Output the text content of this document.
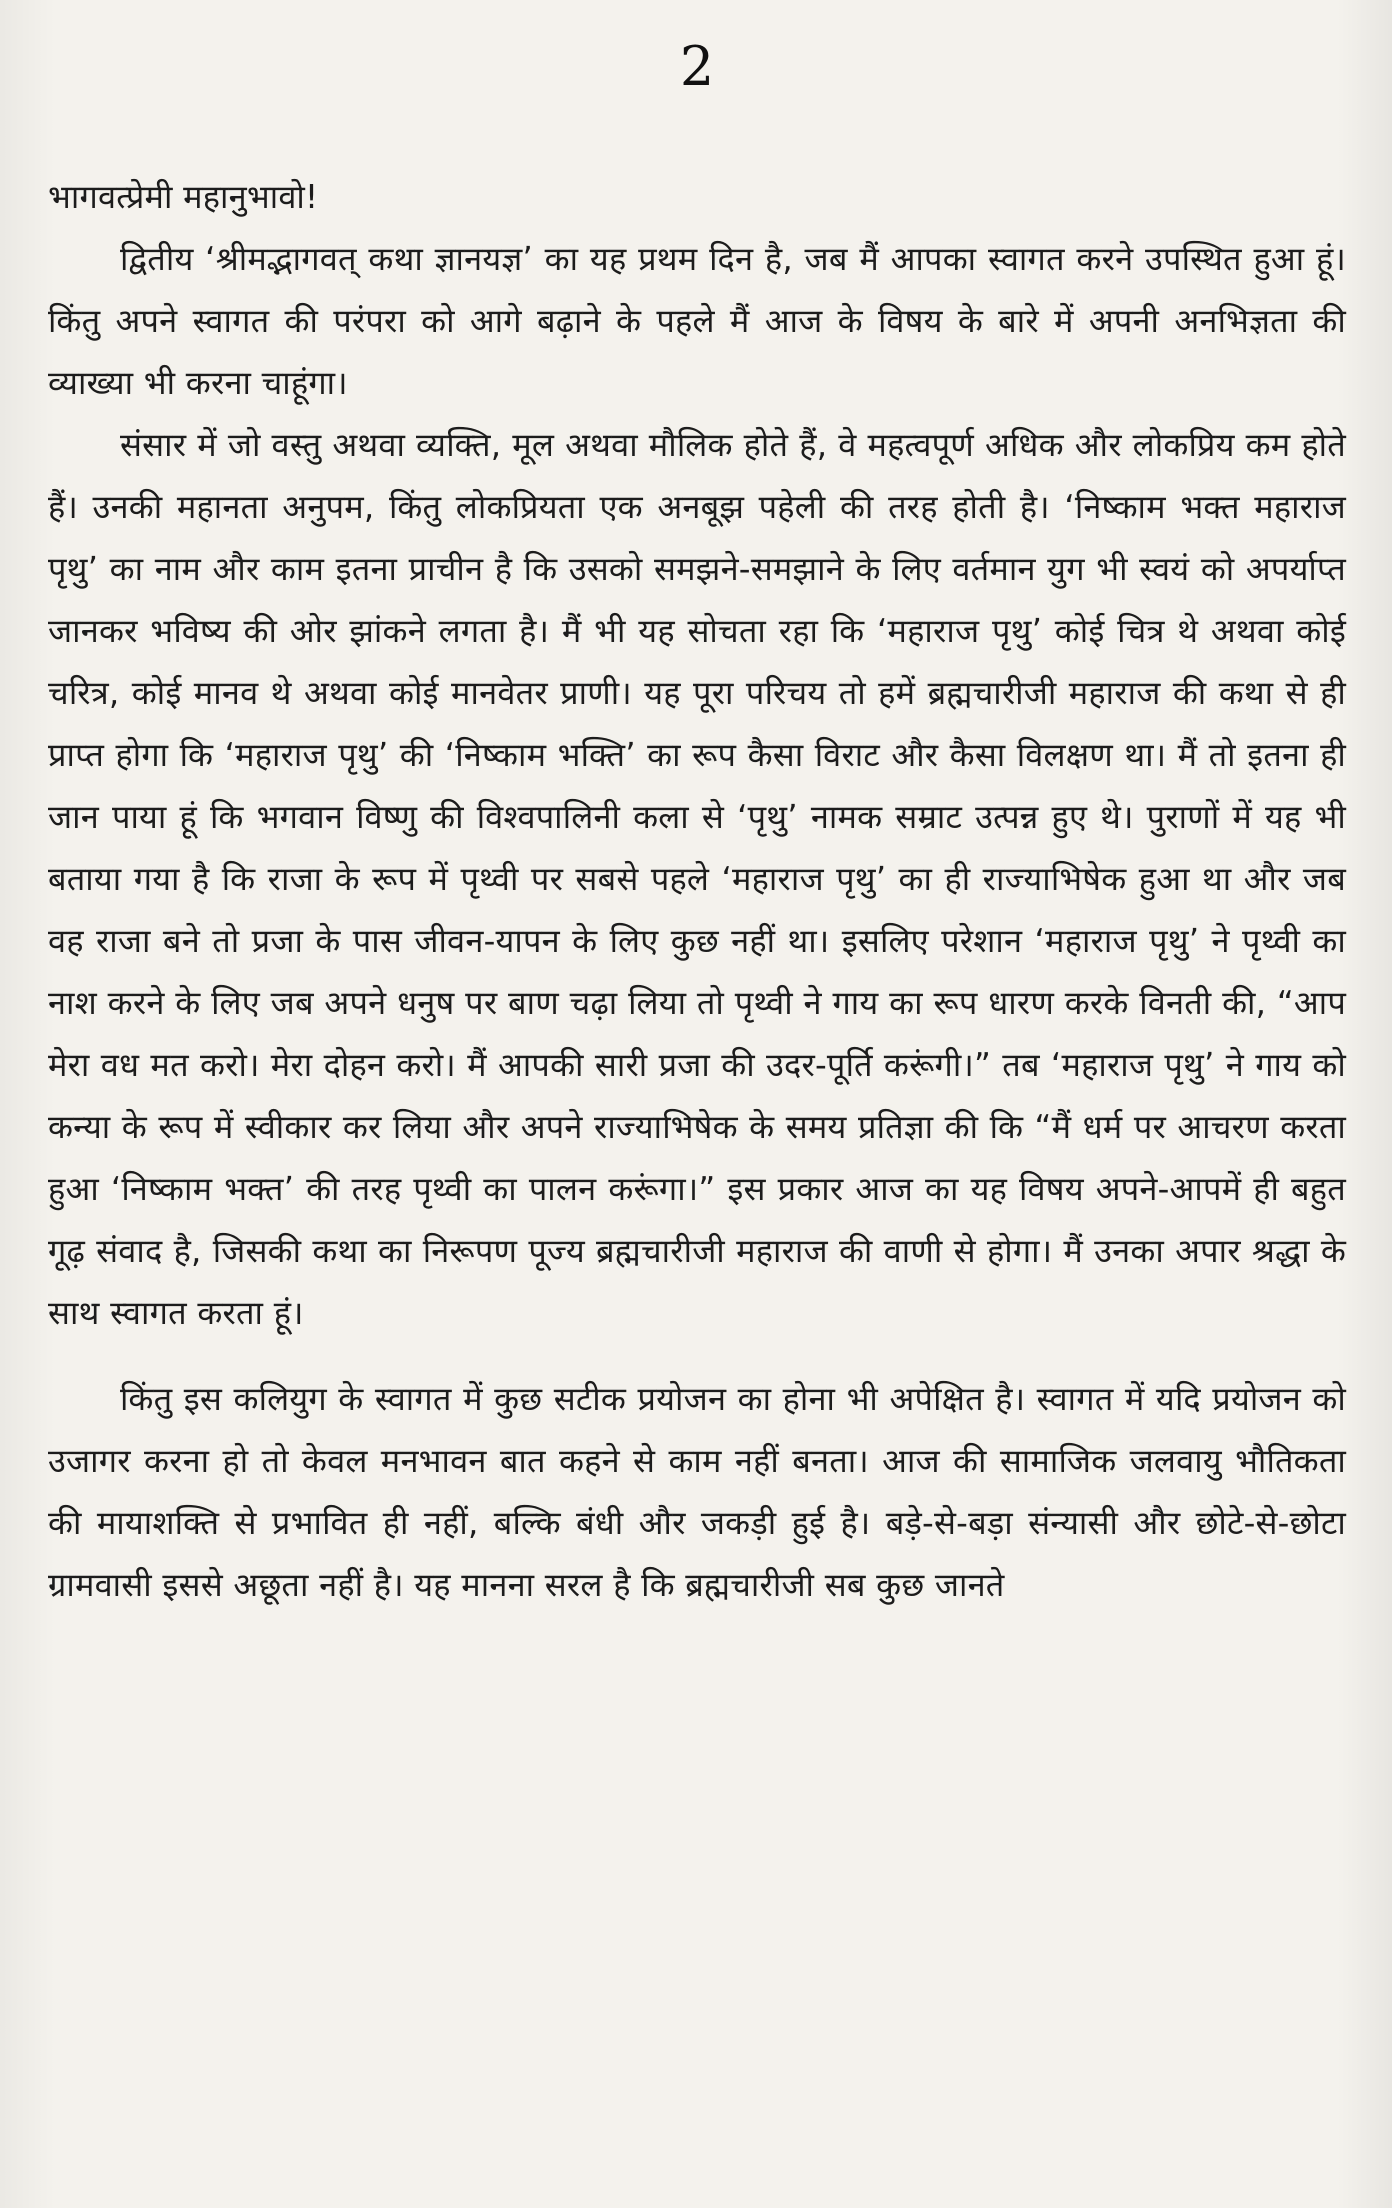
2

भागवत्प्रेमी महानुभावो!

द्वितीय ‘श्रीमद्भागवत् कथा ज्ञानयज्ञ’ का यह प्रथम दिन है, जब मैं आपका स्वागत करने उपस्थित हुआ हूं। किंतु अपने स्वागत की परंपरा को आगे बढ़ाने के पहले मैं आज के विषय के बारे में अपनी अनभिज्ञता की व्याख्या भी करना चाहूंगा।

संसार में जो वस्तु अथवा व्यक्ति, मूल अथवा मौलिक होते हैं, वे महत्वपूर्ण अधिक और लोकप्रिय कम होते हैं। उनकी महानता अनुपम, किंतु लोकप्रियता एक अनबूझ पहेली की तरह होती है। ‘निष्काम भक्त महाराज पृथु’ का नाम और काम इतना प्राचीन है कि उसको समझने-समझाने के लिए वर्तमान युग भी स्वयं को अपर्याप्त जानकर भविष्य की ओर झांकने लगता है। मैं भी यह सोचता रहा कि ‘महाराज पृथु’ कोई चित्र थे अथवा कोई चरित्र, कोई मानव थे अथवा कोई मानवेतर प्राणी। यह पूरा परिचय तो हमें ब्रह्मचारीजी महाराज की कथा से ही प्राप्त होगा कि ‘महाराज पृथु’ की ‘निष्काम भक्ति’ का रूप कैसा विराट और कैसा विलक्षण था। मैं तो इतना ही जान पाया हूं कि भगवान विष्णु की विश्वपालिनी कला से ‘पृथु’ नामक सम्राट उत्पन्न हुए थे। पुराणों में यह भी बताया गया है कि राजा के रूप में पृथ्वी पर सबसे पहले ‘महाराज पृथु’ का ही राज्याभिषेक हुआ था और जब वह राजा बने तो प्रजा के पास जीवन-यापन के लिए कुछ नहीं था। इसलिए परेशान ‘महाराज पृथु’ ने पृथ्वी का नाश करने के लिए जब अपने धनुष पर बाण चढ़ा लिया तो पृथ्वी ने गाय का रूप धारण करके विनती की, “आप मेरा वध मत करो। मेरा दोहन करो। मैं आपकी सारी प्रजा की उदर-पूर्ति करूंगी।” तब ‘महाराज पृथु’ ने गाय को कन्या के रूप में स्वीकार कर लिया और अपने राज्याभिषेक के समय प्रतिज्ञा की कि “मैं धर्म पर आचरण करता हुआ ‘निष्काम भक्त’ की तरह पृथ्वी का पालन करूंगा।” इस प्रकार आज का यह विषय अपने-आपमें ही बहुत गूढ़ संवाद है, जिसकी कथा का निरूपण पूज्य ब्रह्मचारीजी महाराज की वाणी से होगा। मैं उनका अपार श्रद्धा के साथ स्वागत करता हूं।

किंतु इस कलियुग के स्वागत में कुछ सटीक प्रयोजन का होना भी अपेक्षित है। स्वागत में यदि प्रयोजन को उजागर करना हो तो केवल मनभावन बात कहने से काम नहीं बनता। आज की सामाजिक जलवायु भौतिकता की मायाशक्ति से प्रभावित ही नहीं, बल्कि बंधी और जकड़ी हुई है। बड़े-से-बड़ा संन्यासी और छोटे-से-छोटा ग्रामवासी इससे अछूता नहीं है। यह मानना सरल है कि ब्रह्मचारीजी सब कुछ जानते
